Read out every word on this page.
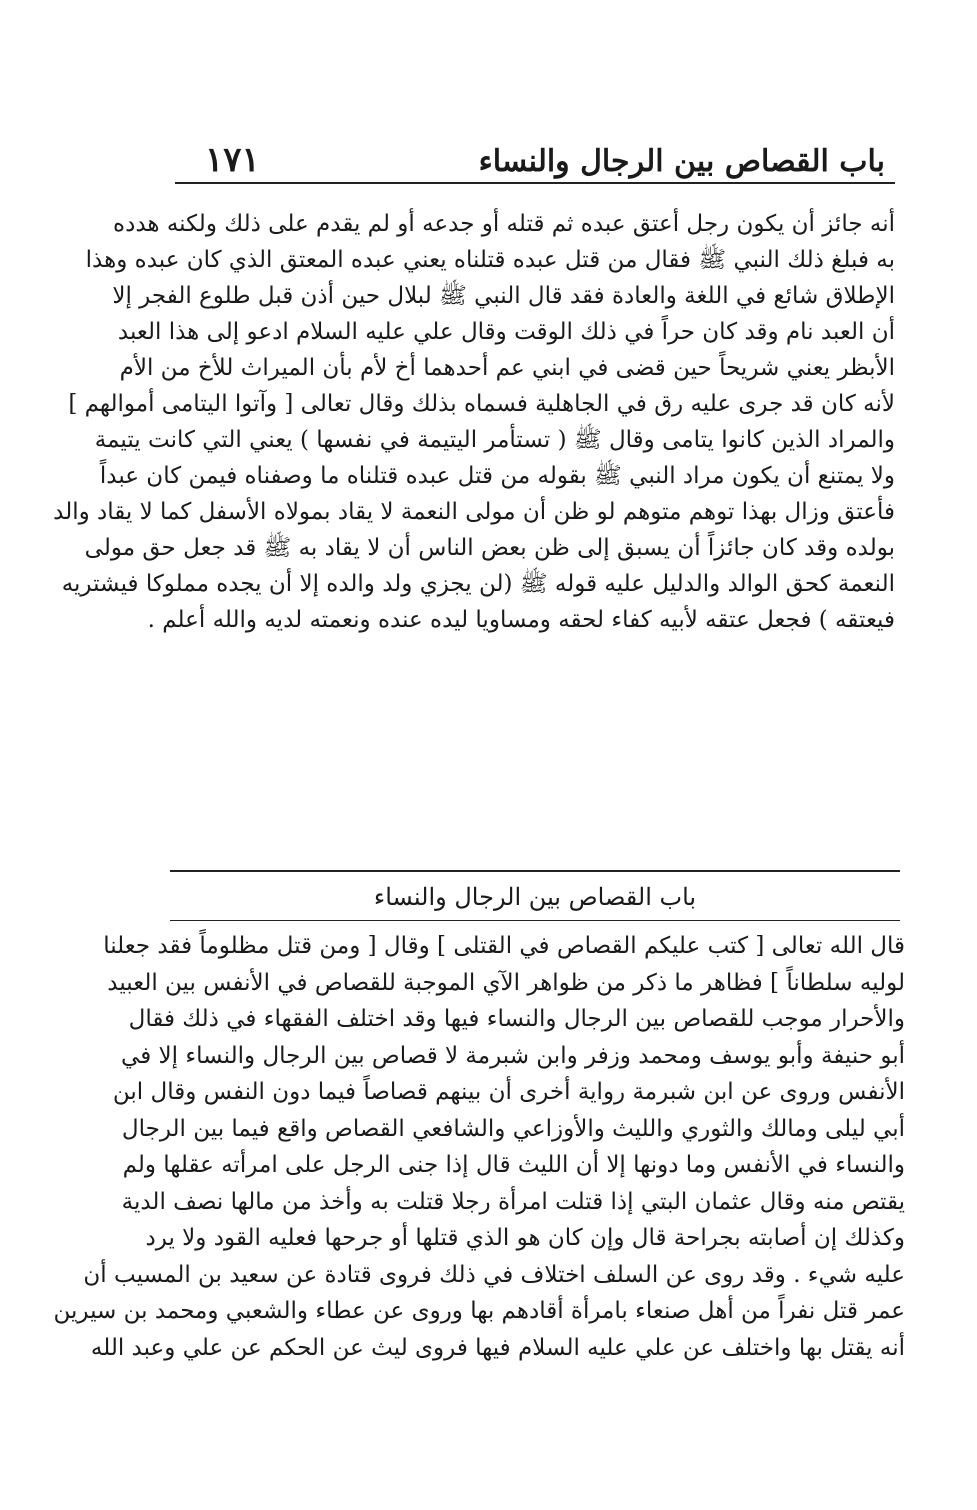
باب القصاص بين الرجال والنساء
١٧١
أنه جائز أن يكون رجل أعتق عبده ثم قتله أو جدعه أو لم يقدم على ذلك ولكنه هدده
به فبلغ ذلك النبي ﷺ فقال من قتل عبده قتلناه يعني عبده المعتق الذي كان عبده وهذا
الإطلاق شائع في اللغة والعادة فقد قال النبي ﷺ لبلال حين أذن قبل طلوع الفجر إلا
أن العبد نام وقد كان حراً في ذلك الوقت وقال علي عليه السلام ادعو إلى هذا العبد
الأبظر يعني شريحاً حين قضى في ابني عم أحدهما أخ لأم بأن الميراث للأخ من الأم
لأنه كان قد جرى عليه رق في الجاهلية فسماه بذلك وقال تعالى [ وآتوا اليتامى أموالهم ]
والمراد الذين كانوا يتامى وقال ﷺ ( تستأمر اليتيمة في نفسها ) يعني التي كانت يتيمة
ولا يمتنع أن يكون مراد النبي ﷺ بقوله من قتل عبده قتلناه ما وصفناه فيمن كان عبداً
فأعتق وزال بهذا توهم متوهم لو ظن أن مولى النعمة لا يقاد بمولاه الأسفل كما لا يقاد والد
بولده وقد كان جائزاً أن يسبق إلى ظن بعض الناس أن لا يقاد به ﷺ قد جعل حق مولى
النعمة كحق الوالد والدليل عليه قوله ﷺ (لن يجزي ولد والده إلا أن يجده مملوكا فيشتريه
فيعتقه ) فجعل عتقه لأبيه كفاء لحقه ومساويا ليده عنده ونعمته لديه والله أعلم .
باب القصاص بين الرجال والنساء
قال الله تعالى [ كتب عليكم القصاص في القتلى ] وقال [ ومن قتل مظلوماً فقد جعلنا
لوليه سلطاناً ] فظاهر ما ذكر من ظواهر الآي الموجبة للقصاص في الأنفس بين العبيد
والأحرار موجب للقصاص بين الرجال والنساء فيها وقد اختلف الفقهاء في ذلك فقال
أبو حنيفة وأبو يوسف ومحمد وزفر وابن شبرمة لا قصاص بين الرجال والنساء إلا في
الأنفس وروى عن ابن شبرمة رواية أخرى أن بينهم قصاصاً فيما دون النفس وقال ابن
أبي ليلى ومالك والثوري والليث والأوزاعي والشافعي القصاص واقع فيما بين الرجال
والنساء في الأنفس وما دونها إلا أن الليث قال إذا جنى الرجل على امرأته عقلها ولم
يقتص منه وقال عثمان البتي إذا قتلت امرأة رجلا قتلت به وأخذ من مالها نصف الدية
وكذلك إن أصابته بجراحة قال وإن كان هو الذي قتلها أو جرحها فعليه القود ولا يرد
عليه شيء . وقد روى عن السلف اختلاف في ذلك فروى قتادة عن سعيد بن المسيب أن
عمر قتل نفراً من أهل صنعاء بامرأة أقادهم بها وروى عن عطاء والشعبي ومحمد بن سيرين
أنه يقتل بها واختلف عن علي عليه السلام فيها فروى ليث عن الحكم عن علي وعبد الله
